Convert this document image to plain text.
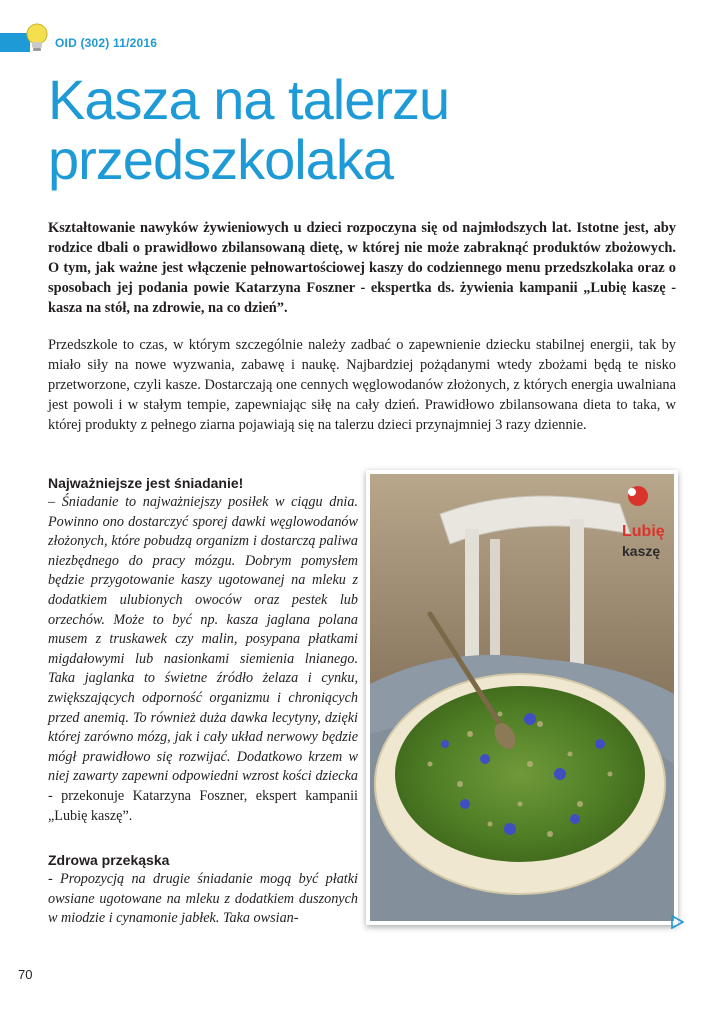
OID (302) 11/2016
Kasza na talerzu
przedszkolaka

Kształtowanie nawyków żywieniowych u dzieci rozpoczyna się od najmłodszych lat. Istotne jest, aby rodzice dbali o prawidłowo zbilansowaną dietę, w której nie może zabraknąć produktów zbożowych. O tym, jak ważne jest włączenie pełnowartościowej kaszy do codziennego menu przedszkolaka oraz o sposobach jej podania powie Katarzyna Foszner - ekspertka ds. żywienia kampanii „Lubię kaszę - kasza na stół, na zdrowie, na co dzień”.

Przedszkole to czas, w którym szczególnie należy zadbać o zapewnienie dziecku stabilnej energii, tak by miało siły na nowe wyzwania, zabawę i naukę. Najbardziej pożądanymi wtedy zbożami będą te nisko przetworzone, czyli kasze. Dostarczają one cennych węglowodanów złożonych, z których energia uwalniana jest powoli i w stałym tempie, zapewniając siłę na cały dzień. Prawidłowo zbilansowana dieta to taka, w której produkty z pełnego ziarna pojawiają się na talerzu dzieci przynajmniej 3 razy dziennie.

Najważniejsze jest śniadanie!

– Śniadanie to najważniejszy posiłek w ciągu dnia. Powinno ono dostarczyć sporej dawki węglowodanów złożonych, które pobudzą organizm i dostarczą paliwa niezbędnego do pracy mózgu. Dobrym pomysłem będzie przygotowanie kaszy ugotowanej na mleku z dodatkiem ulubionych owoców oraz pestek lub orzechów. Może to być np. kasza jaglana polana musem z truskawek czy malin, posypana płatkami migdałowymi lub nasionkami siemienia lnianego. Taka jaglanka to świetne źródło żelaza i cynku, zwiększających odporność organizmu i chroniących przed anemią. To również duża dawka lecytyny, dzięki której zarówno mózg, jak i cały układ nerwowy będzie mógł prawidłowo się rozwijać. Dodatkowo krzem w niej zawarty zapewni odpowiedni wzrost kości dziecka - przekonuje Katarzyna Foszner, ekspert kampanii „Lubię kaszę”.

Zdrowa przekąska

- Propozycją na drugie śniadanie mogą być płatki owsiane ugotowane na mleku z dodatkiem duszonych w miodzie i cynamonie jabłek. Taka owsian-

Lubię
kaszę
70
